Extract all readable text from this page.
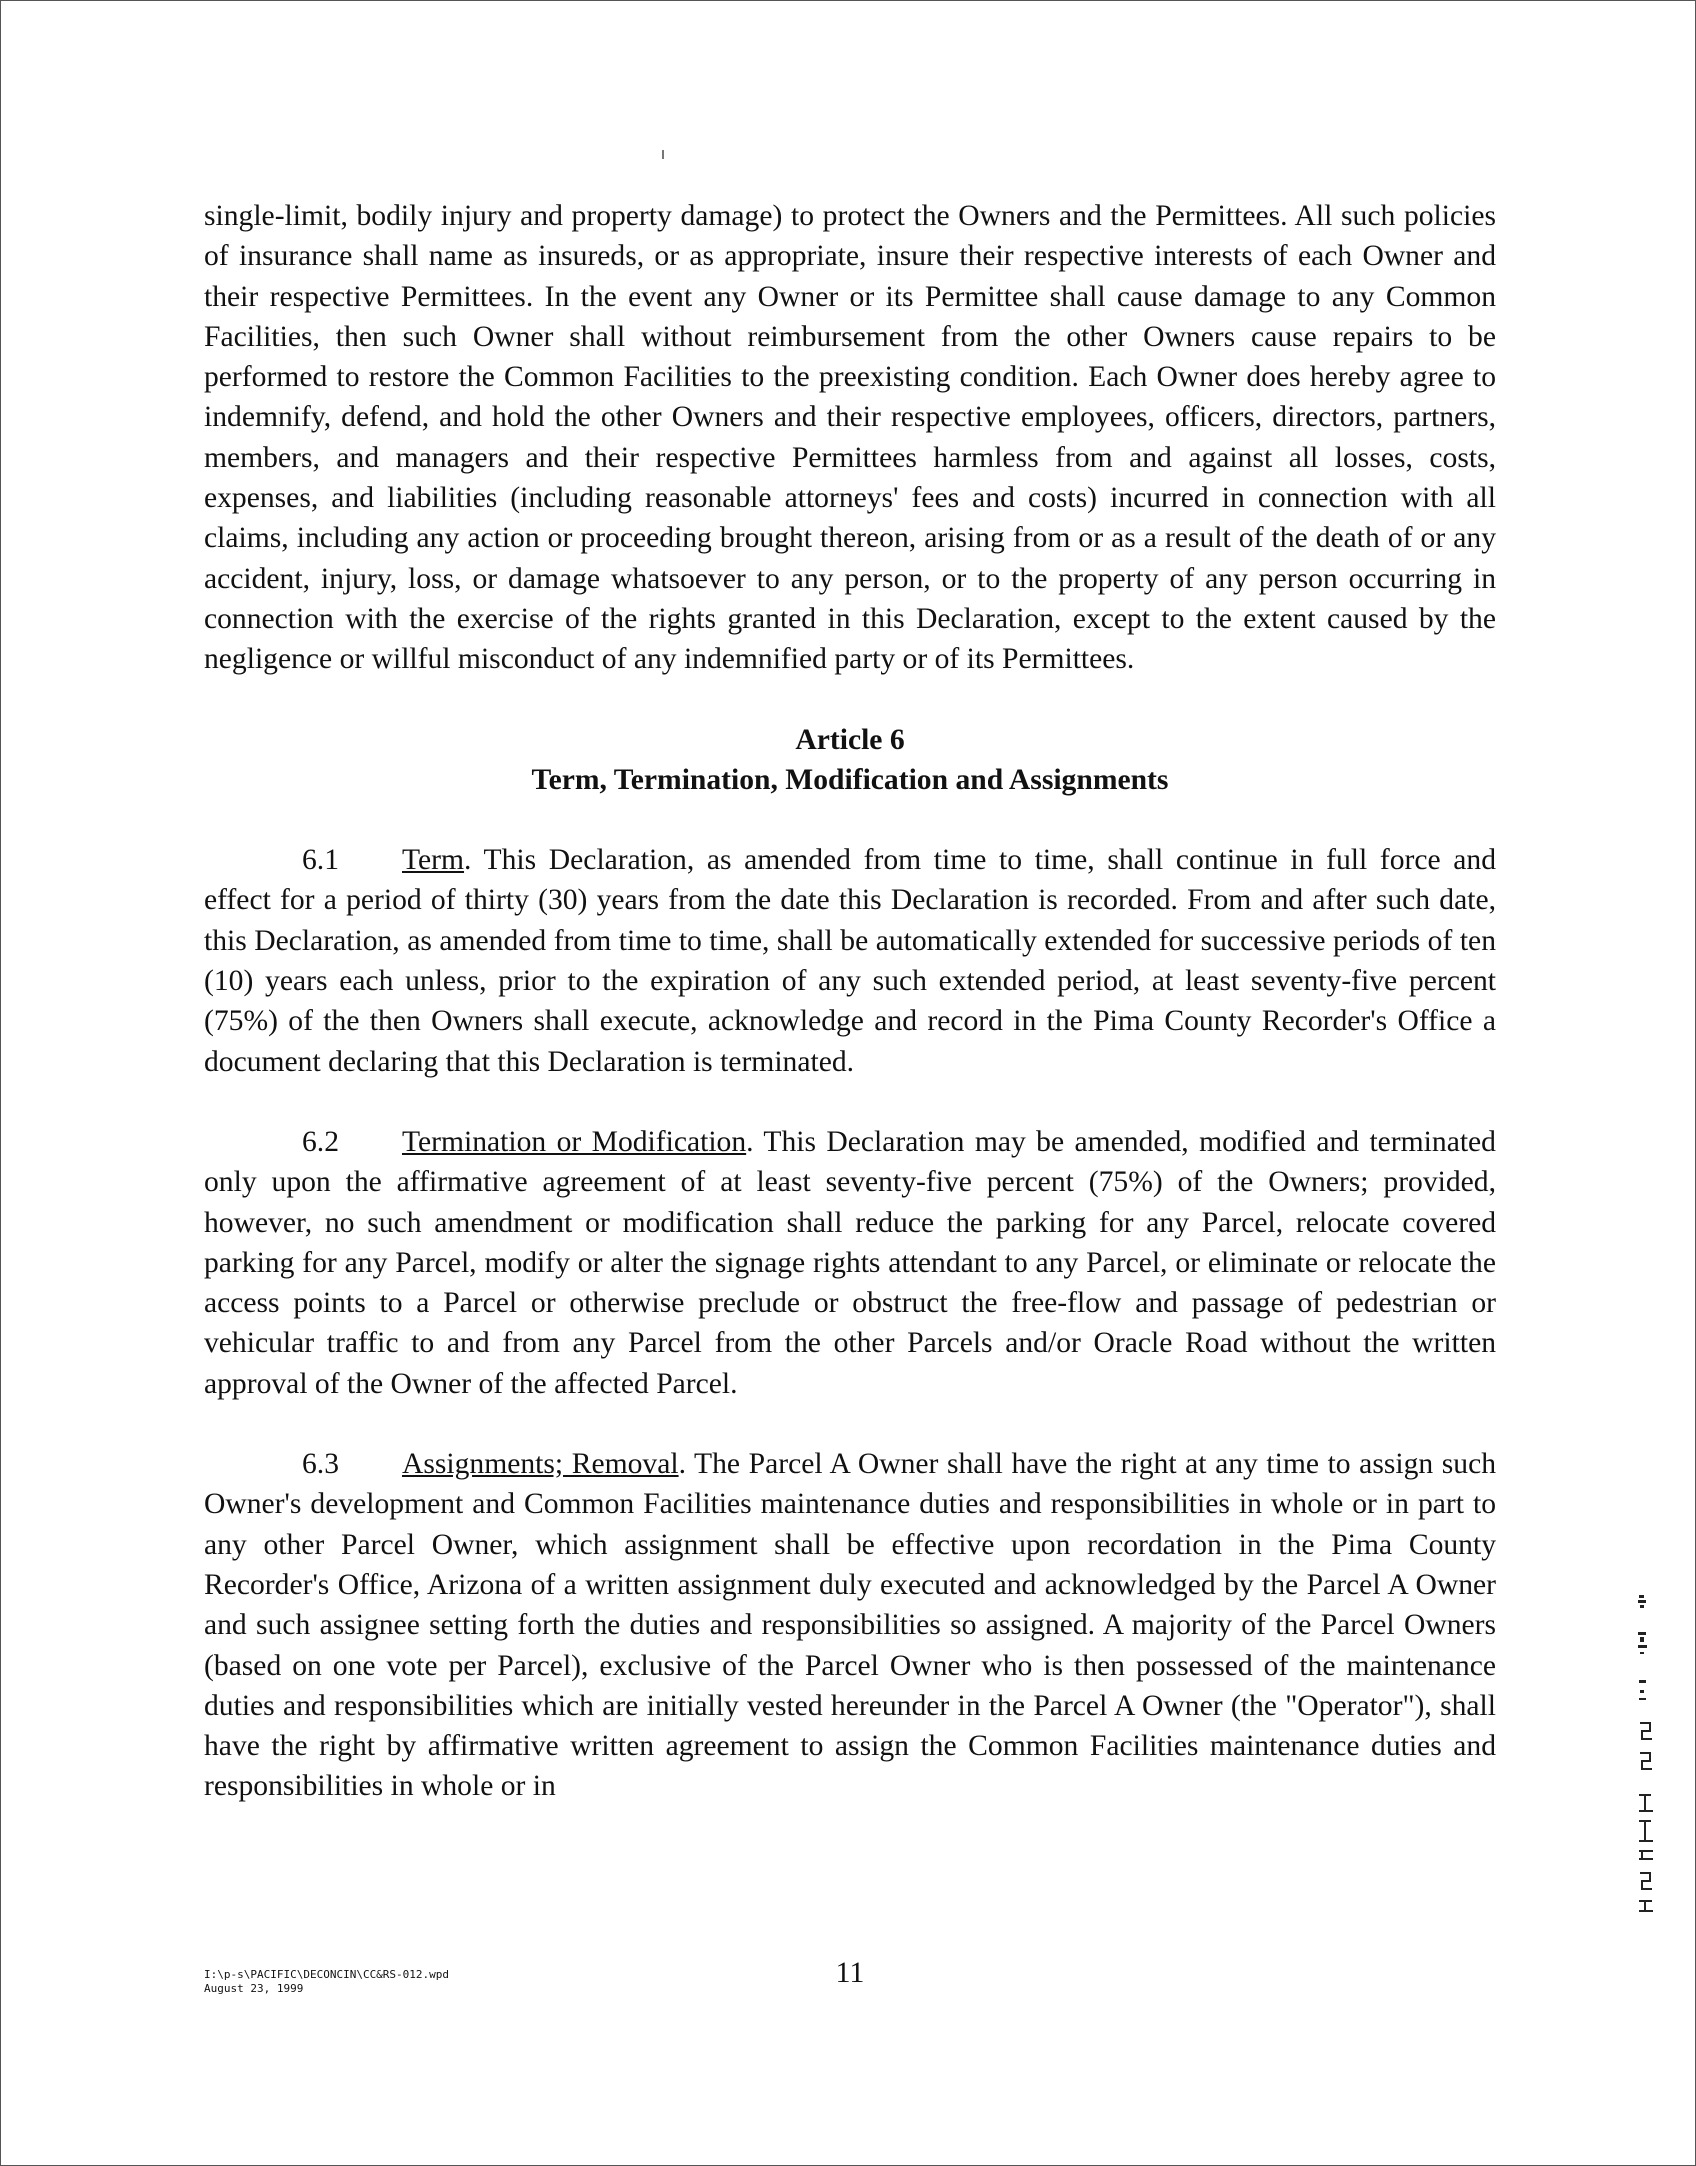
single-limit, bodily injury and property damage) to protect the Owners and the Permittees. All such policies of insurance shall name as insureds, or as appropriate, insure their respective interests of each Owner and their respective Permittees. In the event any Owner or its Permittee shall cause damage to any Common Facilities, then such Owner shall without reimbursement from the other Owners cause repairs to be performed to restore the Common Facilities to the preexisting condition. Each Owner does hereby agree to indemnify, defend, and hold the other Owners and their respective employees, officers, directors, partners, members, and managers and their respective Permittees harmless from and against all losses, costs, expenses, and liabilities (including reasonable attorneys' fees and costs) incurred in connection with all claims, including any action or proceeding brought thereon, arising from or as a result of the death of or any accident, injury, loss, or damage whatsoever to any person, or to the property of any person occurring in connection with the exercise of the rights granted in this Declaration, except to the extent caused by the negligence or willful misconduct of any indemnified party or of its Permittees.

Article 6
Term, Termination, Modification and Assignments

6.1 Term. This Declaration, as amended from time to time, shall continue in full force and effect for a period of thirty (30) years from the date this Declaration is recorded. From and after such date, this Declaration, as amended from time to time, shall be automatically extended for successive periods of ten (10) years each unless, prior to the expiration of any such extended period, at least seventy-five percent (75%) of the then Owners shall execute, acknowledge and record in the Pima County Recorder's Office a document declaring that this Declaration is terminated.

6.2 Termination or Modification. This Declaration may be amended, modified and terminated only upon the affirmative agreement of at least seventy-five percent (75%) of the Owners; provided, however, no such amendment or modification shall reduce the parking for any Parcel, relocate covered parking for any Parcel, modify or alter the signage rights attendant to any Parcel, or eliminate or relocate the access points to a Parcel or otherwise preclude or obstruct the free-flow and passage of pedestrian or vehicular traffic to and from any Parcel from the other Parcels and/or Oracle Road without the written approval of the Owner of the affected Parcel.

6.3 Assignments; Removal. The Parcel A Owner shall have the right at any time to assign such Owner's development and Common Facilities maintenance duties and responsibilities in whole or in part to any other Parcel Owner, which assignment shall be effective upon recordation in the Pima County Recorder's Office, Arizona of a written assignment duly executed and acknowledged by the Parcel A Owner and such assignee setting forth the duties and responsibilities so assigned. A majority of the Parcel Owners (based on one vote per Parcel), exclusive of the Parcel Owner who is then possessed of the maintenance duties and responsibilities which are initially vested hereunder in the Parcel A Owner (the "Operator"), shall have the right by affirmative written agreement to assign the Common Facilities maintenance duties and responsibilities in whole or in

I:\p-s\PACIFIC\DECONCIN\CC&RS-012.wpd
August 23, 1999	11
